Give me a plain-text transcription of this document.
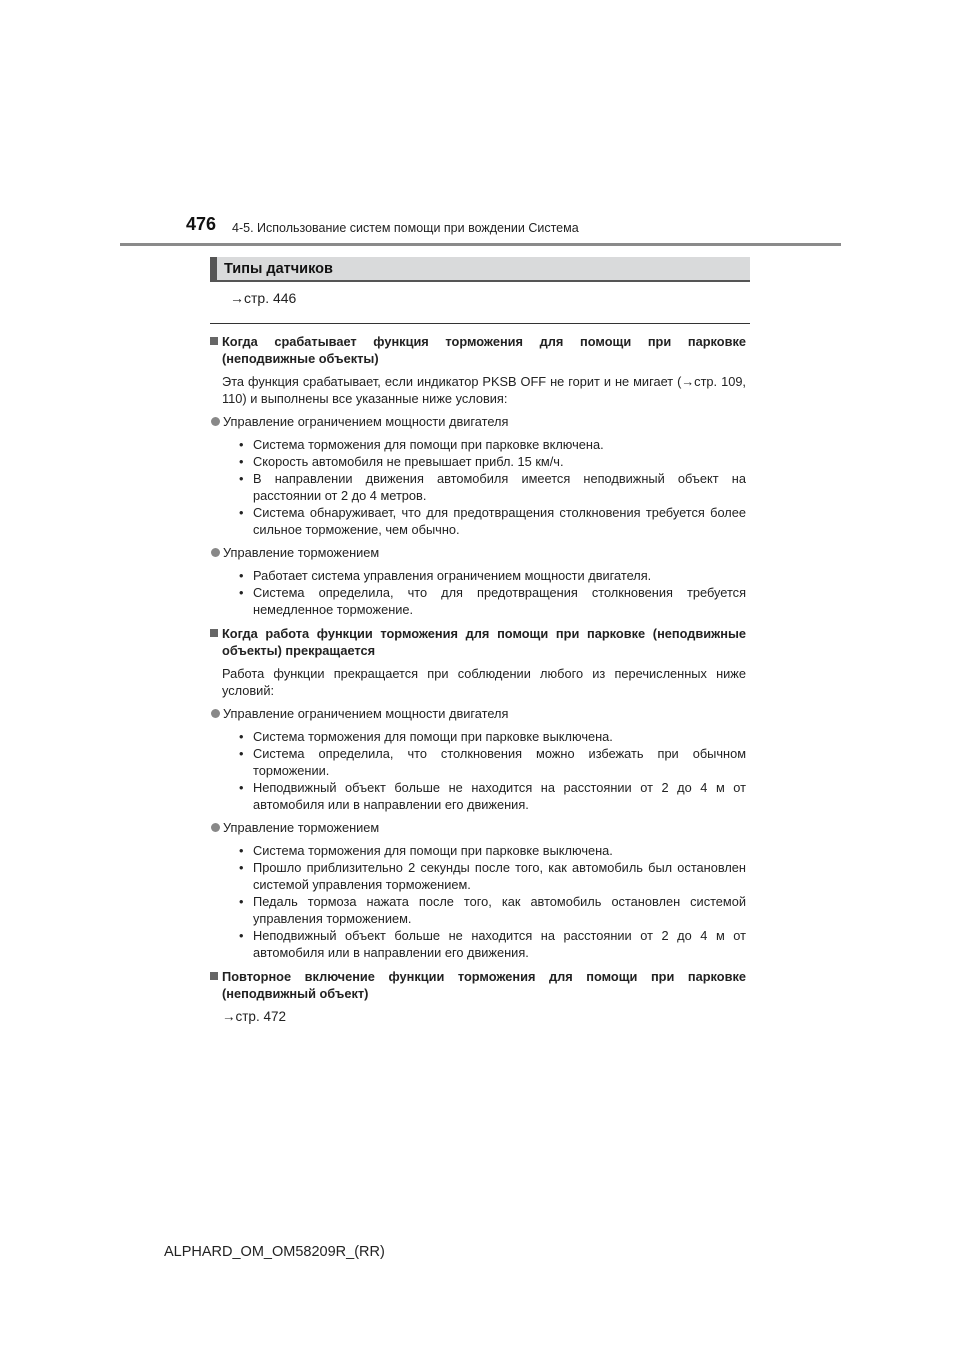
476 4-5. Использование систем помощи при вождении Система
Типы датчиков
→стр. 446
Когда срабатывает функция торможения для помощи при парковке (неподвижные объекты)
Эта функция срабатывает, если индикатор PKSB OFF не горит и не мигает (→стр. 109, 110) и выполнены все указанные ниже условия:
Управление ограничением мощности двигателя
• Система торможения для помощи при парковке включена.
• Скорость автомобиля не превышает прибл. 15 км/ч.
• В направлении движения автомобиля имеется неподвижный объект на расстоянии от 2 до 4 метров.
• Система обнаруживает, что для предотвращения столкновения требуется более сильное торможение, чем обычно.
Управление торможением
• Работает система управления ограничением мощности двигателя.
• Система определила, что для предотвращения столкновения требуется немедленное торможение.
Когда работа функции торможения для помощи при парковке (неподвижные объекты) прекращается
Работа функции прекращается при соблюдении любого из перечисленных ниже условий:
Управление ограничением мощности двигателя
• Система торможения для помощи при парковке выключена.
• Система определила, что столкновения можно избежать при обычном торможении.
• Неподвижный объект больше не находится на расстоянии от 2 до 4 м от автомобиля или в направлении его движения.
Управление торможением
• Система торможения для помощи при парковке выключена.
• Прошло приблизительно 2 секунды после того, как автомобиль был остановлен системой управления торможением.
• Педаль тормоза нажата после того, как автомобиль остановлен системой управления торможением.
• Неподвижный объект больше не находится на расстоянии от 2 до 4 м от автомобиля или в направлении его движения.
Повторное включение функции торможения для помощи при парковке (неподвижный объект)
→стр. 472
ALPHARD_OM_OM58209R_(RR)
